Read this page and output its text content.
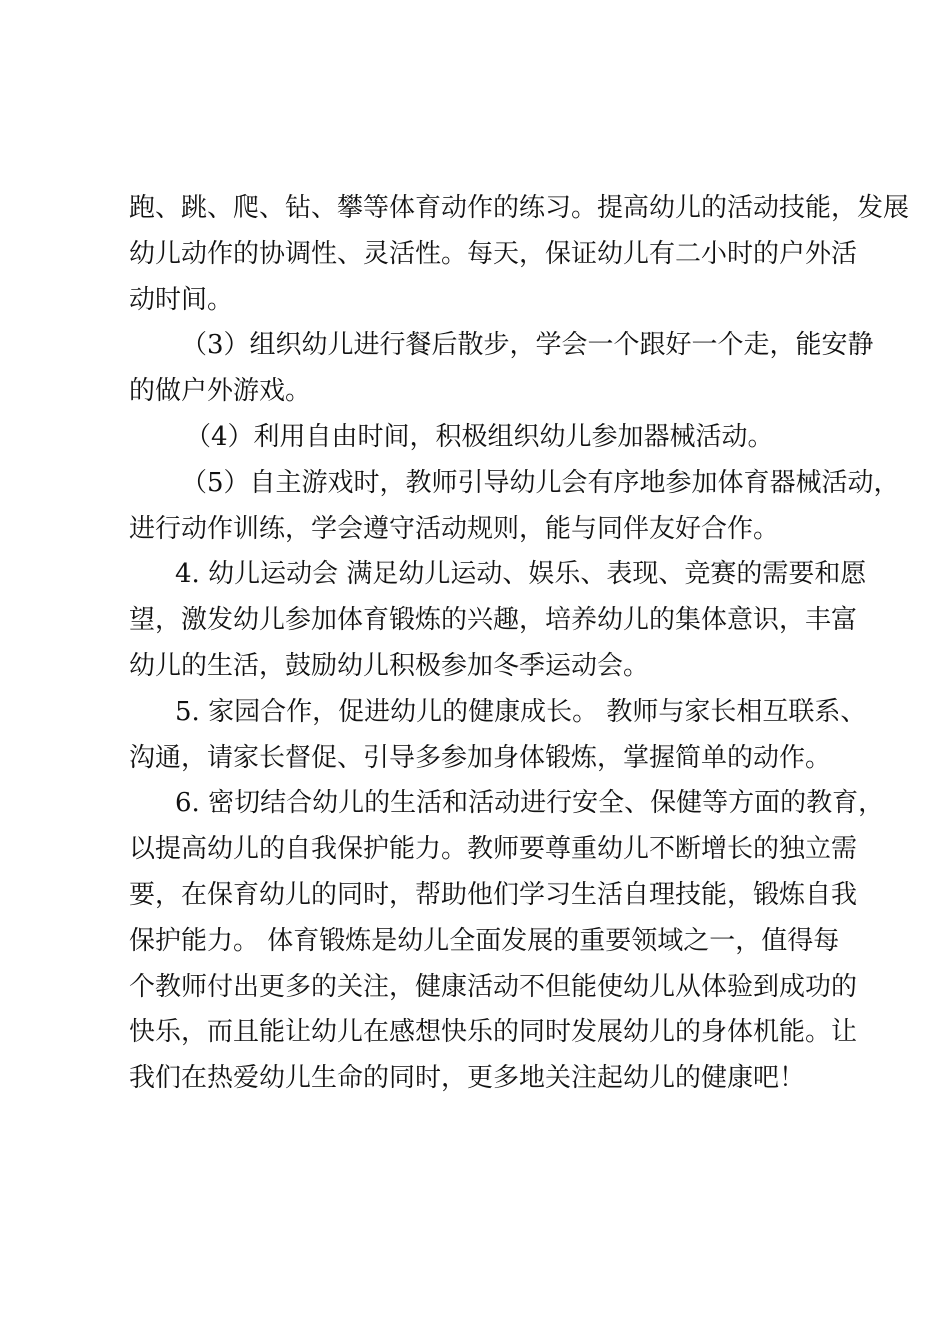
跑、跳、爬、钻、攀等体育动作的练习。提高幼儿的活动技能，发展
幼儿动作的协调性、灵活性。每天，保证幼儿有二小时的户外活
动时间。
（3）组织幼儿进行餐后散步，学会一个跟好一个走，能安静
的做户外游戏。
（4）利用自由时间，积极组织幼儿参加器械活动。
（5）自主游戏时，教师引导幼儿会有序地参加体育器械活动，
进行动作训练，学会遵守活动规则，能与同伴友好合作。
4. 幼儿运动会 满足幼儿运动、娱乐、表现、竞赛的需要和愿
望，激发幼儿参加体育锻炼的兴趣，培养幼儿的集体意识，丰富
幼儿的生活，鼓励幼儿积极参加冬季运动会。
5. 家园合作，促进幼儿的健康成长。 教师与家长相互联系、
沟通，请家长督促、引导多参加身体锻炼，掌握简单的动作。
6. 密切结合幼儿的生活和活动进行安全、保健等方面的教育，
以提高幼儿的自我保护能力。教师要尊重幼儿不断增长的独立需
要，在保育幼儿的同时，帮助他们学习生活自理技能，锻炼自我
保护能力。 体育锻炼是幼儿全面发展的重要领域之一，值得每
个教师付出更多的关注，健康活动不但能使幼儿从体验到成功的
快乐，而且能让幼儿在感想快乐的同时发展幼儿的身体机能。让
我们在热爱幼儿生命的同时，更多地关注起幼儿的健康吧！
